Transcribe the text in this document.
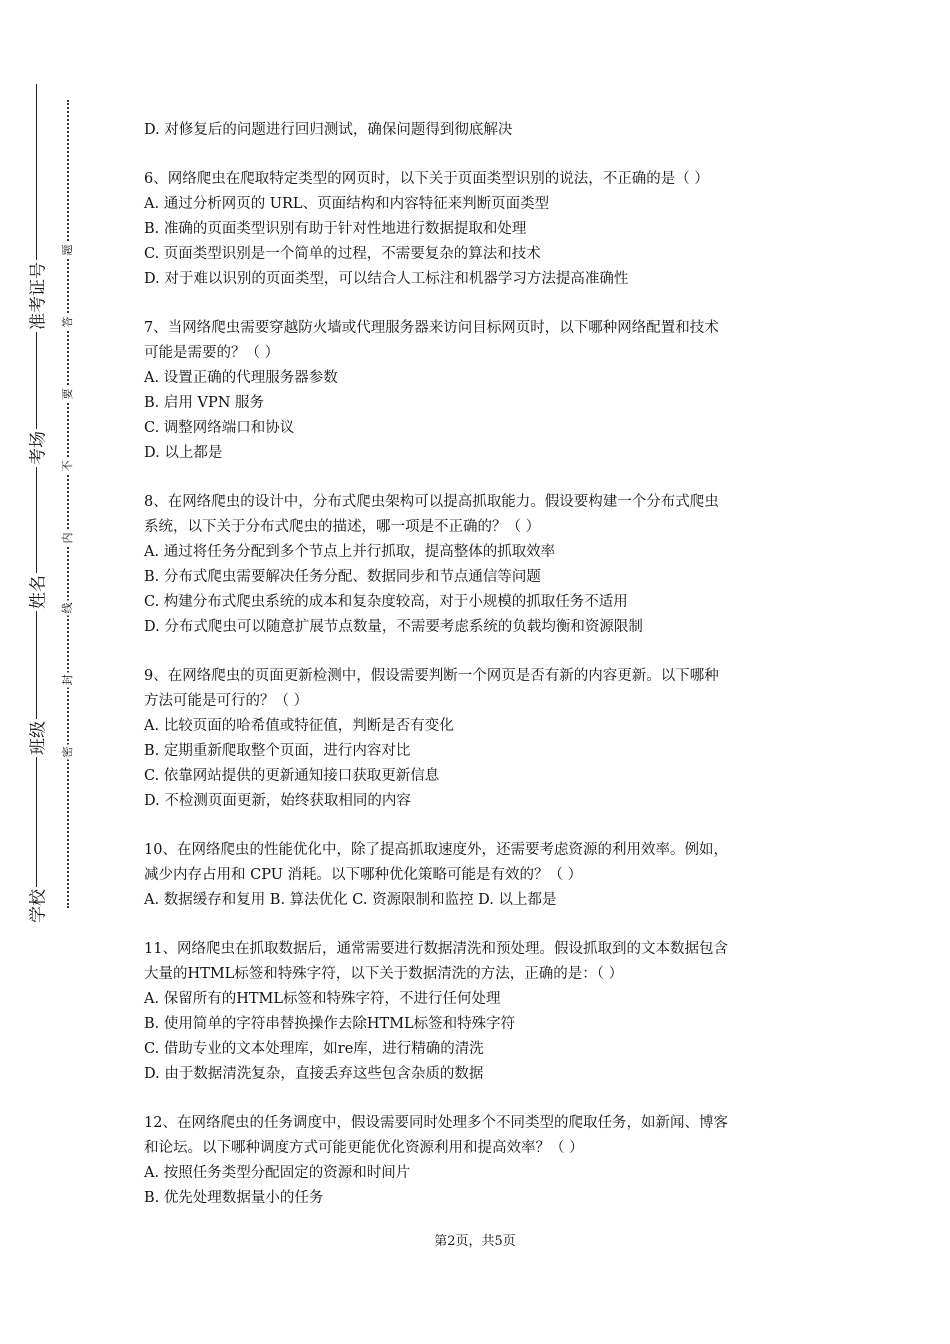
准考证号
考场
姓名
班级
学校
题
答
要
不
内
线
封
密
D. 对修复后的问题进行回归测试，确保问题得到彻底解决
6、网络爬虫在爬取特定类型的网页时，以下关于页面类型识别的说法，不正确的是（ ）
A. 通过分析网页的 URL、页面结构和内容特征来判断页面类型
B. 准确的页面类型识别有助于针对性地进行数据提取和处理
C. 页面类型识别是一个简单的过程，不需要复杂的算法和技术
D. 对于难以识别的页面类型，可以结合人工标注和机器学习方法提高准确性
7、当网络爬虫需要穿越防火墙或代理服务器来访问目标网页时，以下哪种网络配置和技术
可能是需要的？（ ）
A. 设置正确的代理服务器参数
B. 启用 VPN 服务
C. 调整网络端口和协议
D. 以上都是
8、在网络爬虫的设计中，分布式爬虫架构可以提高抓取能力。假设要构建一个分布式爬虫
系统，以下关于分布式爬虫的描述，哪一项是不正确的？（ ）
A. 通过将任务分配到多个节点上并行抓取，提高整体的抓取效率
B. 分布式爬虫需要解决任务分配、数据同步和节点通信等问题
C. 构建分布式爬虫系统的成本和复杂度较高，对于小规模的抓取任务不适用
D. 分布式爬虫可以随意扩展节点数量，不需要考虑系统的负载均衡和资源限制
9、在网络爬虫的页面更新检测中，假设需要判断一个网页是否有新的内容更新。以下哪种
方法可能是可行的？（ ）
A. 比较页面的哈希值或特征值，判断是否有变化
B. 定期重新爬取整个页面，进行内容对比
C. 依靠网站提供的更新通知接口获取更新信息
D. 不检测页面更新，始终获取相同的内容
10、在网络爬虫的性能优化中，除了提高抓取速度外，还需要考虑资源的利用效率。例如，
减少内存占用和 CPU 消耗。以下哪种优化策略可能是有效的？（ ）
A. 数据缓存和复用 B. 算法优化 C. 资源限制和监控 D. 以上都是
11、网络爬虫在抓取数据后，通常需要进行数据清洗和预处理。假设抓取到的文本数据包含
大量的HTML标签和特殊字符，以下关于数据清洗的方法，正确的是：（ ）
A. 保留所有的HTML标签和特殊字符，不进行任何处理
B. 使用简单的字符串替换操作去除HTML标签和特殊字符
C. 借助专业的文本处理库，如re库，进行精确的清洗
D. 由于数据清洗复杂，直接丢弃这些包含杂质的数据
12、在网络爬虫的任务调度中，假设需要同时处理多个不同类型的爬取任务，如新闻、博客
和论坛。以下哪种调度方式可能更能优化资源利用和提高效率？（ ）
A. 按照任务类型分配固定的资源和时间片
B. 优先处理数据量小的任务
第2页，共5页
